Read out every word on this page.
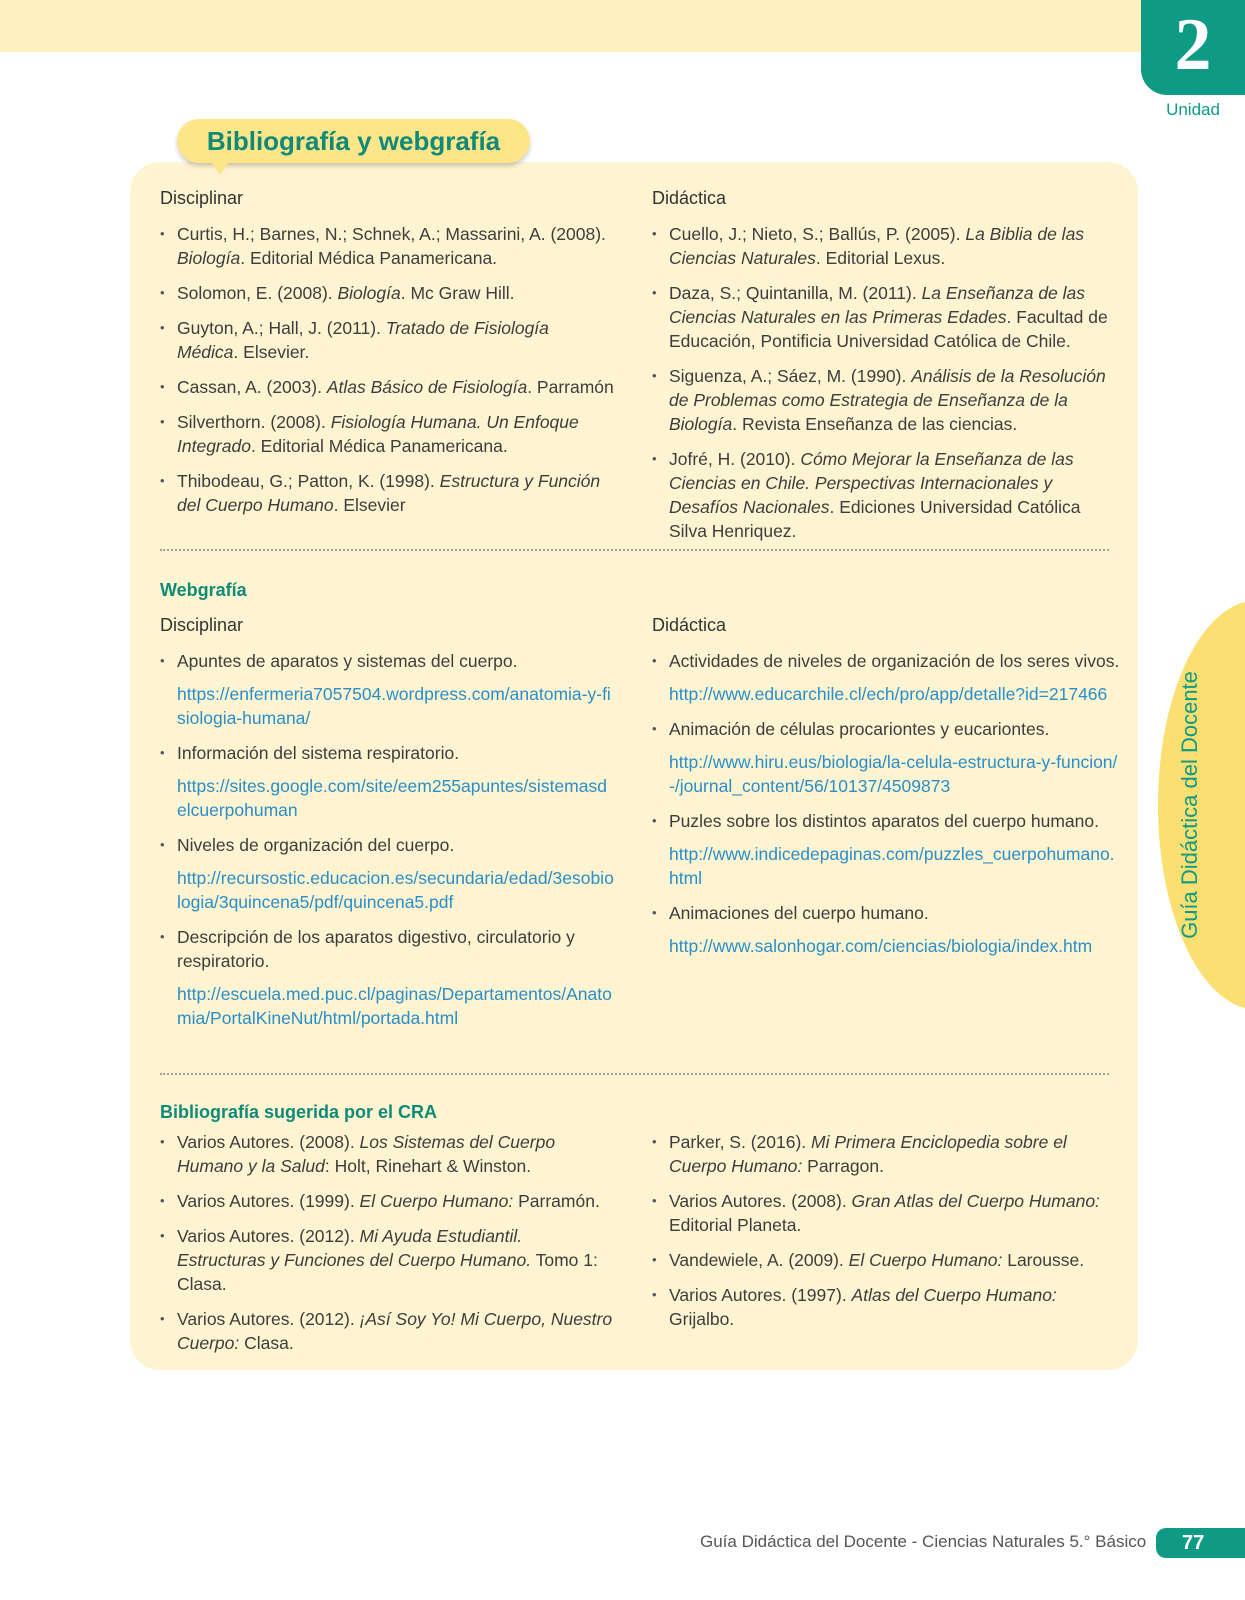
2
Unidad
Guía Didáctica del Docente
Bibliografía y webgrafía
Disciplinar
• Curtis, H.; Barnes, N.; Schnek, A.; Massarini, A. (2008). Biología. Editorial Médica Panamericana.
• Solomon, E. (2008). Biología. Mc Graw Hill.
• Guyton, A.; Hall, J. (2011). Tratado de Fisiología Médica. Elsevier.
• Cassan, A. (2003). Atlas Básico de Fisiología. Parramón
• Silverthorn. (2008). Fisiología Humana. Un Enfoque Integrado. Editorial Médica Panamericana.
• Thibodeau, G.; Patton, K. (1998). Estructura y Función del Cuerpo Humano. Elsevier
Didáctica
• Cuello, J.; Nieto, S.; Ballús, P. (2005). La Biblia de las Ciencias Naturales. Editorial Lexus.
• Daza, S.; Quintanilla, M. (2011). La Enseñanza de las Ciencias Naturales en las Primeras Edades. Facultad de Educación, Pontificia Universidad Católica de Chile.
• Siguenza, A.; Sáez, M. (1990). Análisis de la Resolución de Problemas como Estrategia de Enseñanza de la Biología. Revista Enseñanza de las ciencias.
• Jofré, H. (2010). Cómo Mejorar la Enseñanza de las Ciencias en Chile. Perspectivas Internacionales y Desafíos Nacionales. Ediciones Universidad Católica Silva Henriquez.
Webgrafía
Disciplinar
• Apuntes de aparatos y sistemas del cuerpo.
https://enfermeria7057504.wordpress.com/anatomia-y-fisiologia-humana/
• Información del sistema respiratorio.
https://sites.google.com/site/eem255apuntes/sistemasdelcuerpohuman
• Niveles de organización del cuerpo.
http://recursostic.educacion.es/secundaria/edad/3esobiologia/3quincena5/pdf/quincena5.pdf
• Descripción de los aparatos digestivo, circulatorio y respiratorio.
http://escuela.med.puc.cl/paginas/Departamentos/Anatomia/PortalKineNut/html/portada.html
Didáctica
• Actividades de niveles de organización de los seres vivos.
http://www.educarchile.cl/ech/pro/app/detalle?id=217466
• Animación de células procariontes y eucariontes.
http://www.hiru.eus/biologia/la-celula-estructura-y-funcion/-/journal_content/56/10137/4509873
• Puzles sobre los distintos aparatos del cuerpo humano.
http://www.indicedepaginas.com/puzzles_cuerpohumano.html
• Animaciones del cuerpo humano.
http://www.salonhogar.com/ciencias/biologia/index.htm
Bibliografía sugerida por el CRA
• Varios Autores. (2008). Los Sistemas del Cuerpo Humano y la Salud: Holt, Rinehart & Winston.
• Varios Autores. (1999). El Cuerpo Humano: Parramón.
• Varios Autores. (2012). Mi Ayuda Estudiantil. Estructuras y Funciones del Cuerpo Humano. Tomo 1: Clasa.
• Varios Autores. (2012). ¡Así Soy Yo! Mi Cuerpo, Nuestro Cuerpo: Clasa.
• Parker, S. (2016). Mi Primera Enciclopedia sobre el Cuerpo Humano: Parragon.
• Varios Autores. (2008). Gran Atlas del Cuerpo Humano: Editorial Planeta.
• Vandewiele, A. (2009). El Cuerpo Humano: Larousse.
• Varios Autores. (1997). Atlas del Cuerpo Humano: Grijalbo.
Guía Didáctica del Docente - Ciencias Naturales 5.° Básico 77
